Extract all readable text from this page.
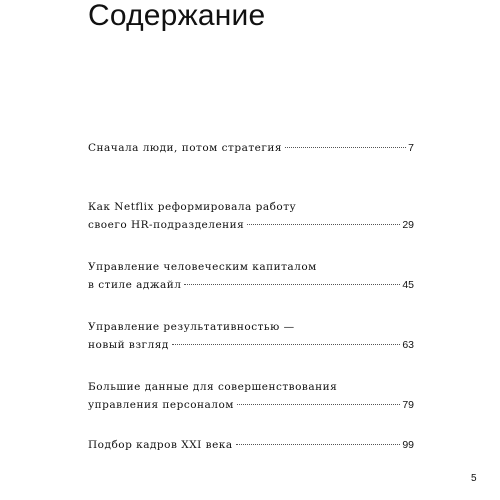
Содержание
Сначала люди, потом стратегия	7
Как Netflix реформировала работу
своего HR-подразделения	29
Управление человеческим капиталом
в стиле аджайл	45
Управление результативностью —
новый взгляд	63
Большие данные для совершенствования
управления персоналом	79
Подбор кадров XXI века	99
5
